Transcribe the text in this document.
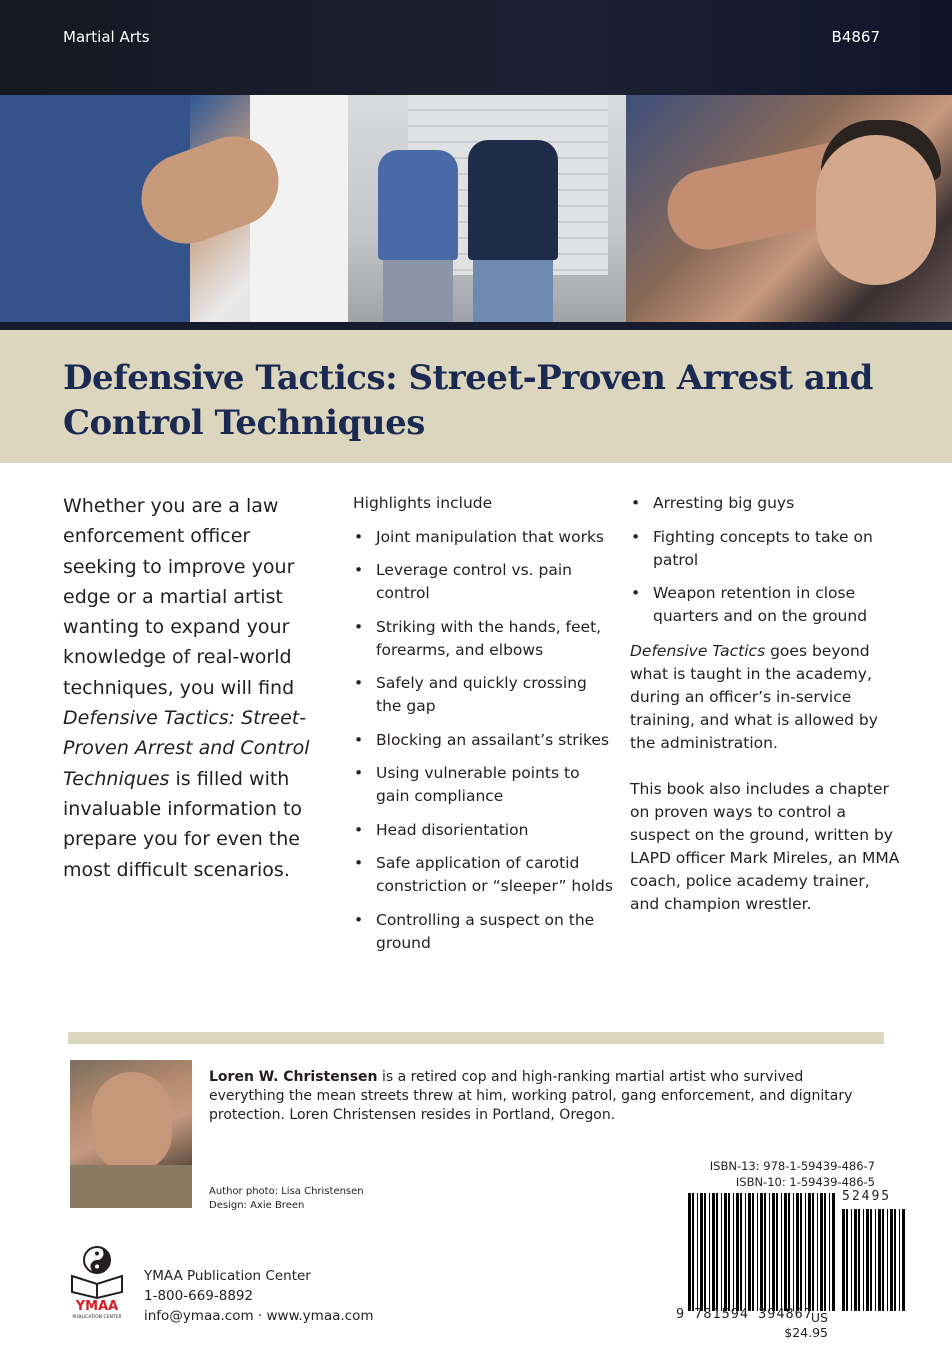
Martial Arts	B4867
Defensive Tactics: Street-Proven Arrest and Control Techniques
Whether you are a law enforcement officer seeking to improve your edge or a martial artist wanting to expand your knowledge of real-world techniques, you will find Defensive Tactics: Street-Proven Arrest and Control Techniques is filled with invaluable information to prepare you for even the most difficult scenarios.
Highlights include
• Joint manipulation that works
• Leverage control vs. pain control
• Striking with the hands, feet, forearms, and elbows
• Safely and quickly crossing the gap
• Blocking an assailant’s strikes
• Using vulnerable points to gain compliance
• Head disorientation
• Safe application of carotid constriction or “sleeper” holds
• Controlling a suspect on the ground
• Arresting big guys
• Fighting concepts to take on patrol
• Weapon retention in close quarters and on the ground

Defensive Tactics goes beyond what is taught in the academy, during an officer’s in-service training, and what is allowed by the administration.

This book also includes a chapter on proven ways to control a suspect on the ground, written by LAPD officer Mark Mireles, an MMA coach, police academy trainer, and champion wrestler.

Loren W. Christensen is a retired cop and high-ranking martial artist who survived everything the mean streets threw at him, working patrol, gang enforcement, and dignitary protection. Loren Christensen resides in Portland, Oregon.
Author photo: Lisa Christensen
Design: Axie Breen
YMAA
PUBLICATION CENTER
YMAA Publication Center
1-800-669-8892
info@ymaa.com · www.ymaa.com
ISBN-13: 978-1-59439-486-7
ISBN-10: 1-59439-486-5
52495
9 781594 394867
US $24.95
